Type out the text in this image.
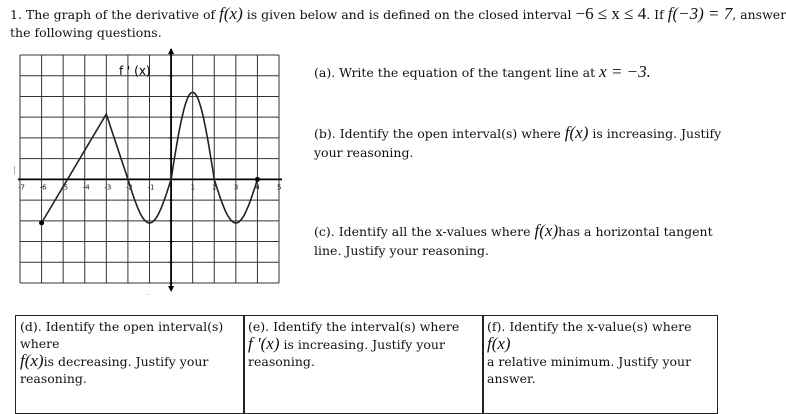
1. The graph of the derivative of f(x) is given below and is defined on the closed interval −6 ≤ x ≤ 4. If f(−3) = 7, answer
the following questions.
-7 -6 -5 -4 -3 -2 -1	1 2 3 4 5
f ' (x)
...
|
(a). Write the equation of the tangent line at x = −3.
(b). Identify the open interval(s) where f(x) is increasing. Justify
your reasoning.
(c). Identify all the x-values where f(x)has a horizontal tangent
line. Justify your reasoning.
(d). Identify the open interval(s) where
f(x)is decreasing. Justify your
reasoning.
(e). Identify the interval(s) where
f '(x) is increasing. Justify your
reasoning.
(f). Identify the x-value(s) where f(x)
a relative minimum. Justify your
answer.
